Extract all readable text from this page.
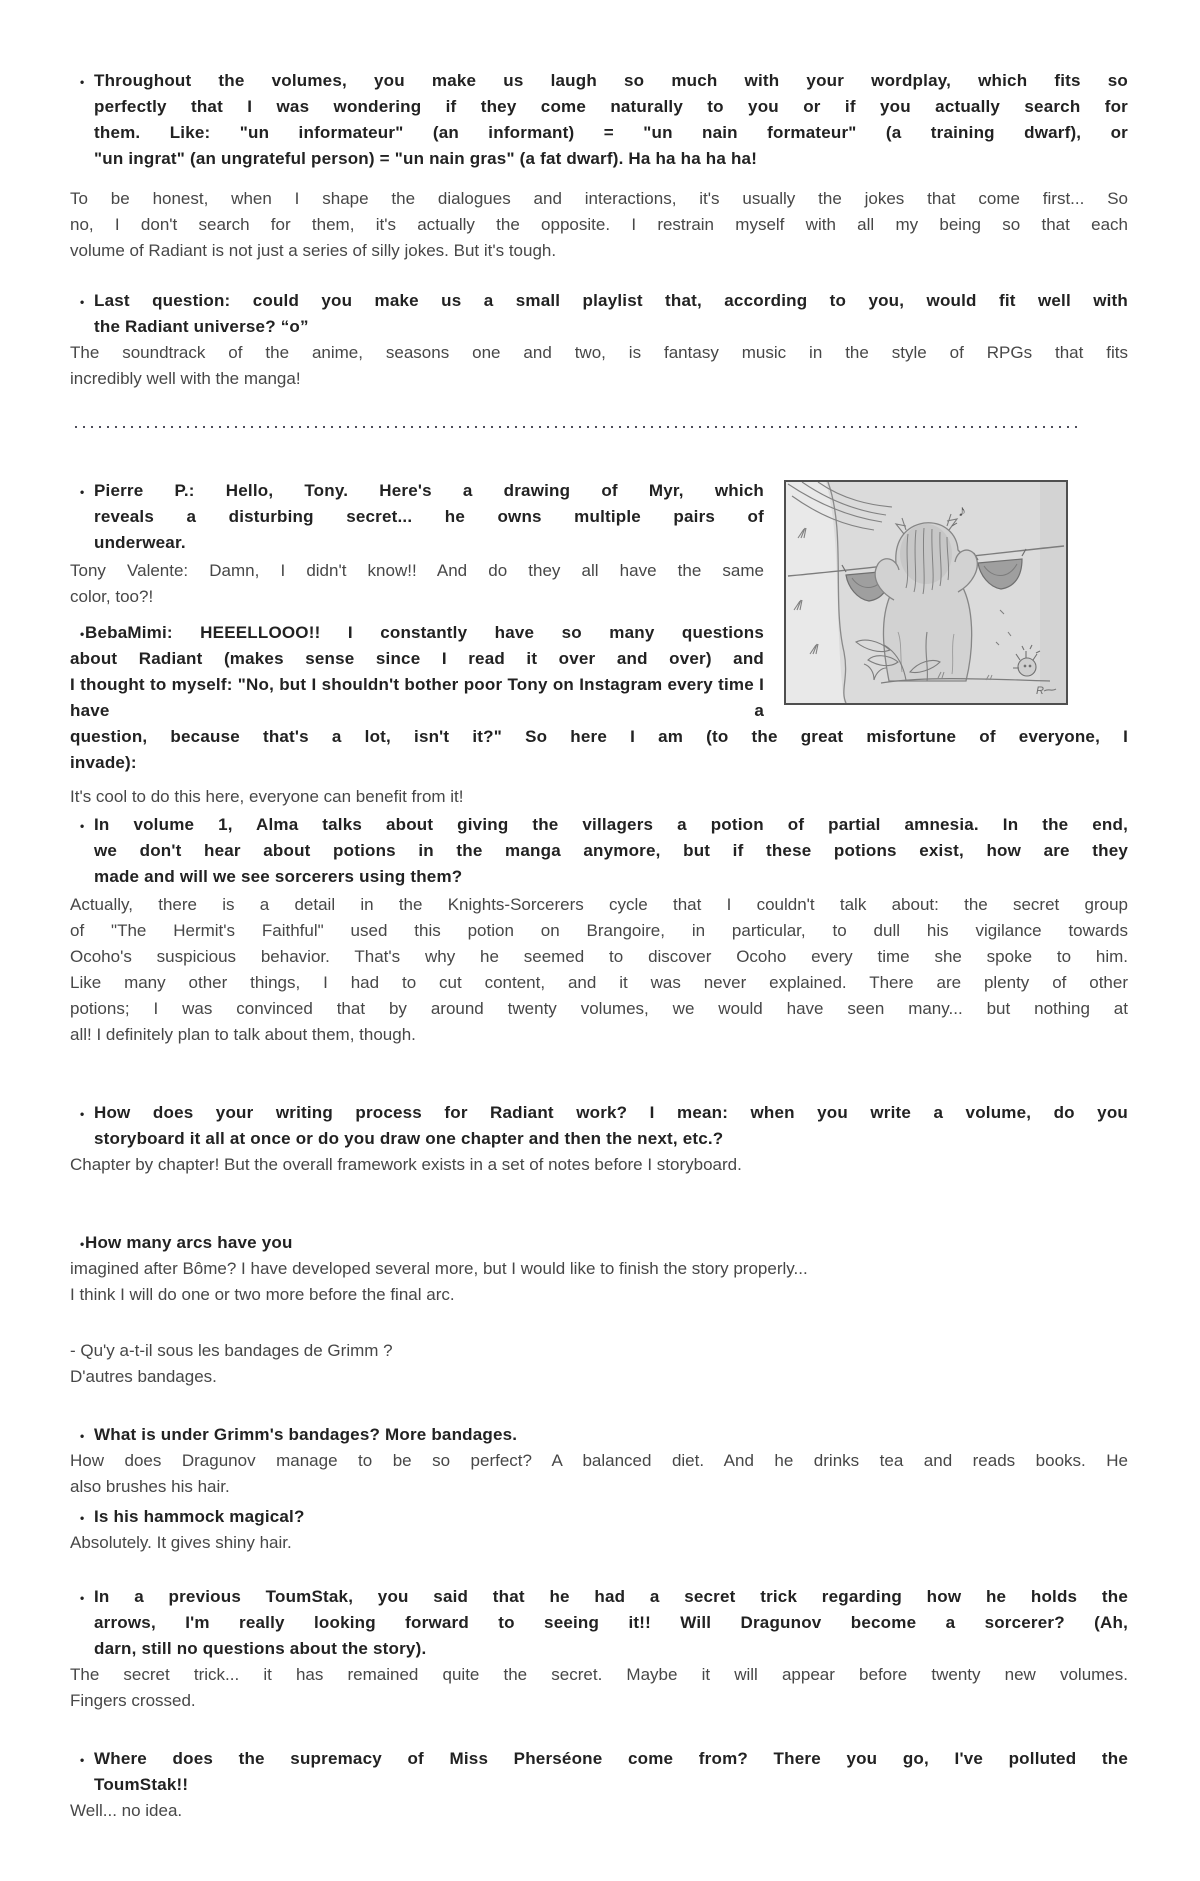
• Throughout the volumes, you make us laugh so much with your wordplay, which fits so
perfectly that I was wondering if they come naturally to you or if you actually search for
them. Like: "un informateur" (an informant) = "un nain formateur" (a training dwarf), or
"un ingrat" (an ungrateful person) = "un nain gras" (a fat dwarf). Ha ha ha ha ha!

To be honest, when I shape the dialogues and interactions, it's usually the jokes that come first... So
no, I don't search for them, it's actually the opposite. I restrain myself with all my being so that each
volume of Radiant is not just a series of silly jokes. But it's tough.

• Last question: could you make us a small playlist that, according to you, would fit well with
the Radiant universe? “o”

The soundtrack of the anime, seasons one and two, is fantasy music in the style of RPGs that fits
incredibly well with the manga!

♪
R

• Pierre P.: Hello, Tony. Here's a drawing of Myr, which
reveals a disturbing secret... he owns multiple pairs of
underwear.

Tony Valente: Damn, I didn't know!! And do they all have the same
color, too?!

• BebaMimi: HEEELLOOO!! I constantly have so many questions
about Radiant (makes sense since I read it over and over) and
I thought to myself: "No, but I shouldn't bother poor Tony on Instagram every time I have a
question, because that's a lot, isn't it?" So here I am (to the great misfortune of everyone, I
invade):

It's cool to do this here, everyone can benefit from it!

• In volume 1, Alma talks about giving the villagers a potion of partial amnesia. In the end,
we don't hear about potions in the manga anymore, but if these potions exist, how are they
made and will we see sorcerers using them?

Actually, there is a detail in the Knights-Sorcerers cycle that I couldn't talk about: the secret group
of "The Hermit's Faithful" used this potion on Brangoire, in particular, to dull his vigilance towards
Ocoho's suspicious behavior. That's why he seemed to discover Ocoho every time she spoke to him.
Like many other things, I had to cut content, and it was never explained. There are plenty of other
potions; I was convinced that by around twenty volumes, we would have seen many... but nothing at
all! I definitely plan to talk about them, though.

• How does your writing process for Radiant work? I mean: when you write a volume, do you
storyboard it all at once or do you draw one chapter and then the next, etc.?

Chapter by chapter! But the overall framework exists in a set of notes before I storyboard.

• How many arcs have you

imagined after Bôme? I have developed several more, but I would like to finish the story properly...
I think I will do one or two more before the final arc.

- Qu'y a-t-il sous les bandages de Grimm ?
D'autres bandages.

• What is under Grimm's bandages? More bandages.

How does Dragunov manage to be so perfect? A balanced diet. And he drinks tea and reads books. He
also brushes his hair.

• Is his hammock magical?

Absolutely. It gives shiny hair.

• In a previous ToumStak, you said that he had a secret trick regarding how he holds the
arrows, I'm really looking forward to seeing it!! Will Dragunov become a sorcerer? (Ah,
darn, still no questions about the story).

The secret trick... it has remained quite the secret. Maybe it will appear before twenty new volumes.
Fingers crossed.

• Where does the supremacy of Miss Pherséone come from? There you go, I've polluted the
ToumStak!!

Well... no idea.
